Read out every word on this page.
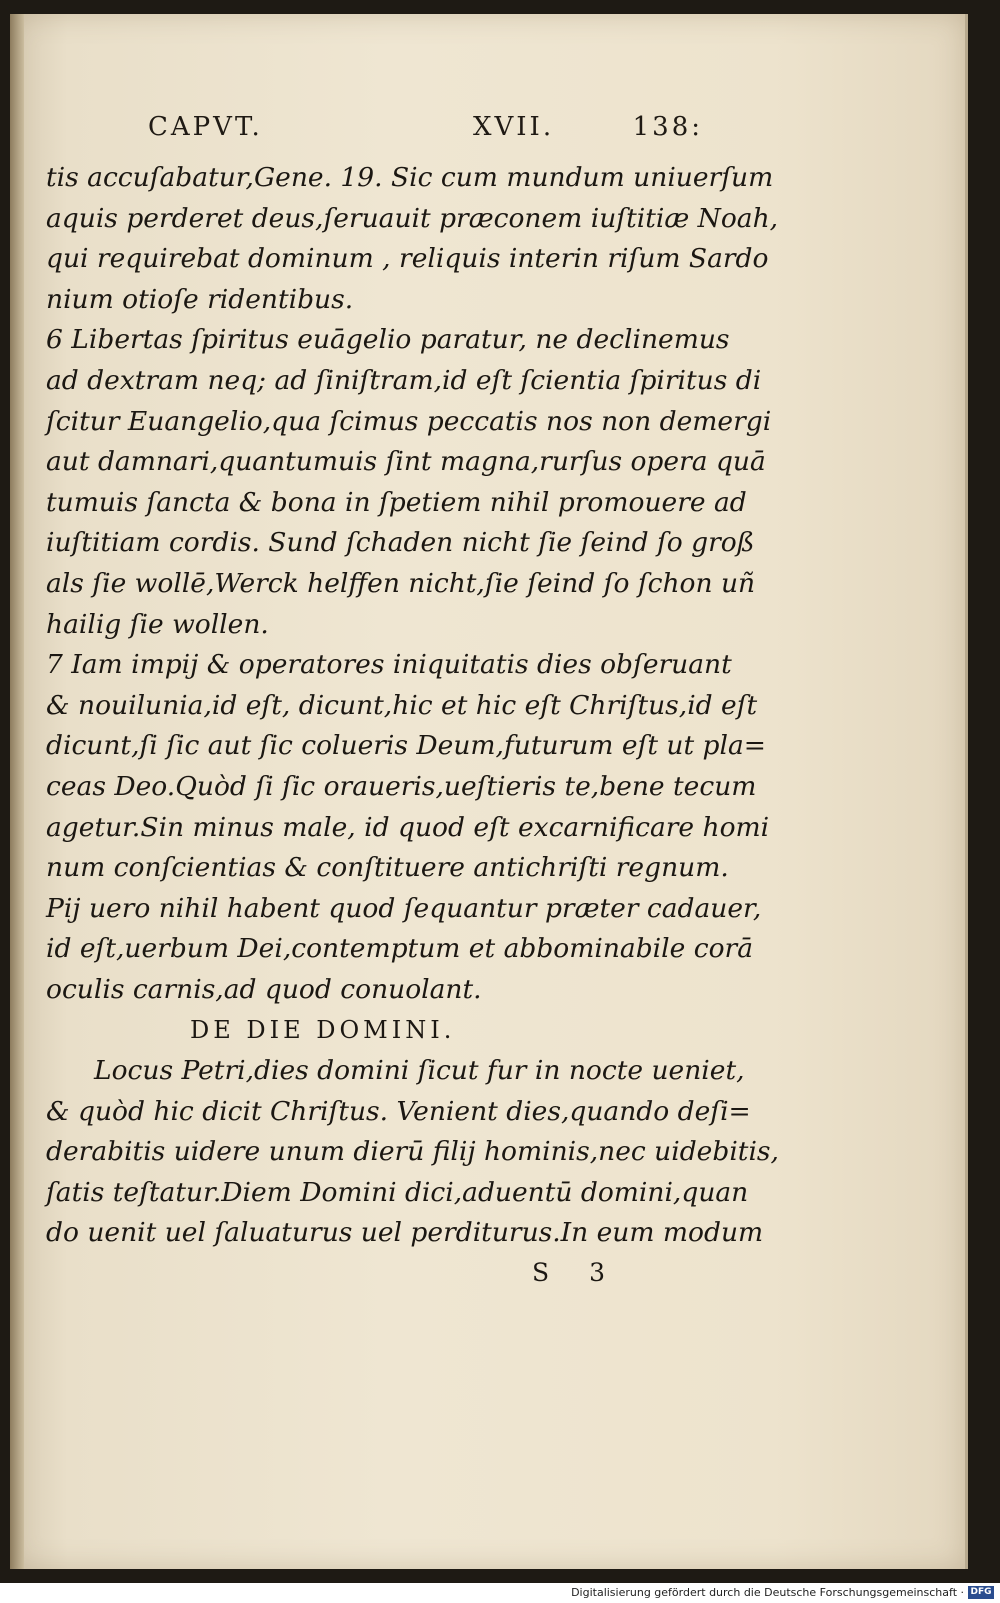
CAPVT.	XVII.	138:
tis accuſabatur,Gene. 19. Sic cum mundum uniuerſum
aquis perderet deus,ſeruauit præconem iuſtitiæ Noah,
qui requirebat dominum , reliquis interin riſum Sardo
nium otioſe ridentibus.
6 Libertas ſpiritus euāgelio paratur, ne declinemus
ad dextram neq; ad ſiniſtram,id eſt ſcientia ſpiritus di
ſcitur Euangelio,qua ſcimus peccatis nos non demergi
aut damnari,quantumuis ſint magna,rurſus opera quā
tumuis ſancta & bona in ſpetiem nihil promouere ad
iuſtitiam cordis. Sund ſchaden nicht ſie ſeind ſo groß
als ſie wollē,Werck helffen nicht,ſie ſeind ſo ſchon uñ
hailig ſie wollen.
7 Iam impij & operatores iniquitatis dies obſeruant
& nouilunia,id eſt, dicunt,hic et hic eſt Chriſtus,id eſt
dicunt,ſi ſic aut ſic colueris Deum,futurum eſt ut pla=
ceas Deo.Quòd ſi ſic oraueris,ueſtieris te,bene tecum
agetur.Sin minus male, id quod eſt excarnificare homi
num conſcientias & conſtituere antichriſti regnum.
Pij uero nihil habent quod ſequantur præter cadauer,
id eſt,uerbum Dei,contemptum et abbominabile corā
oculis carnis,ad quod conuolant.
DE DIE DOMINI.
Locus Petri,dies domini ſicut fur in nocte ueniet,
& quòd hic dicit Chriſtus. Venient dies,quando deſi=
derabitis uidere unum dierū filij hominis,nec uidebitis,
ſatis teſtatur.Diem Domini dici,aduentū domini,quan
do uenit uel ſaluaturus uel perditurus.In eum modum
S 3
Digitalisierung gefördert durch die Deutsche Forschungsgemeinschaft · DFG
